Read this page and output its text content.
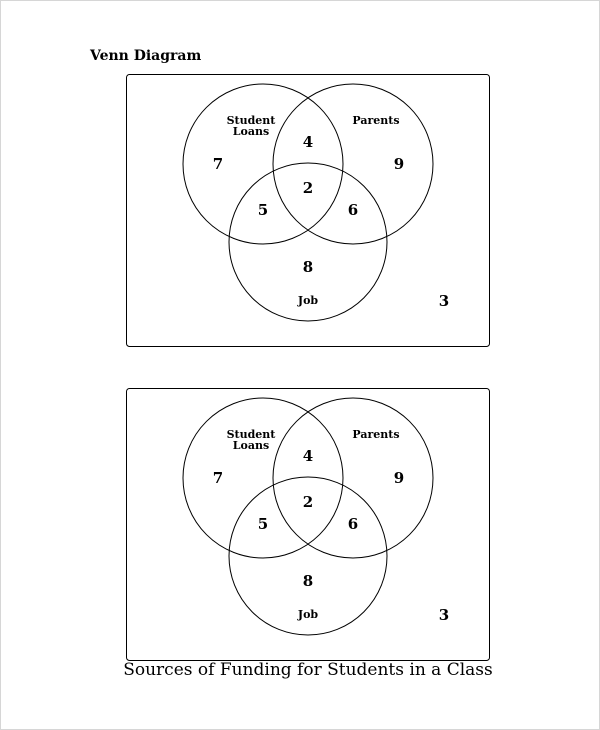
Venn Diagram
Student
Loans
Parents
Job
7	9
4
2
5	6
8
3
Student
Loans
Parents
Job
7	9
4
2
5	6
8
3
Sources of Funding for Students in a Class
